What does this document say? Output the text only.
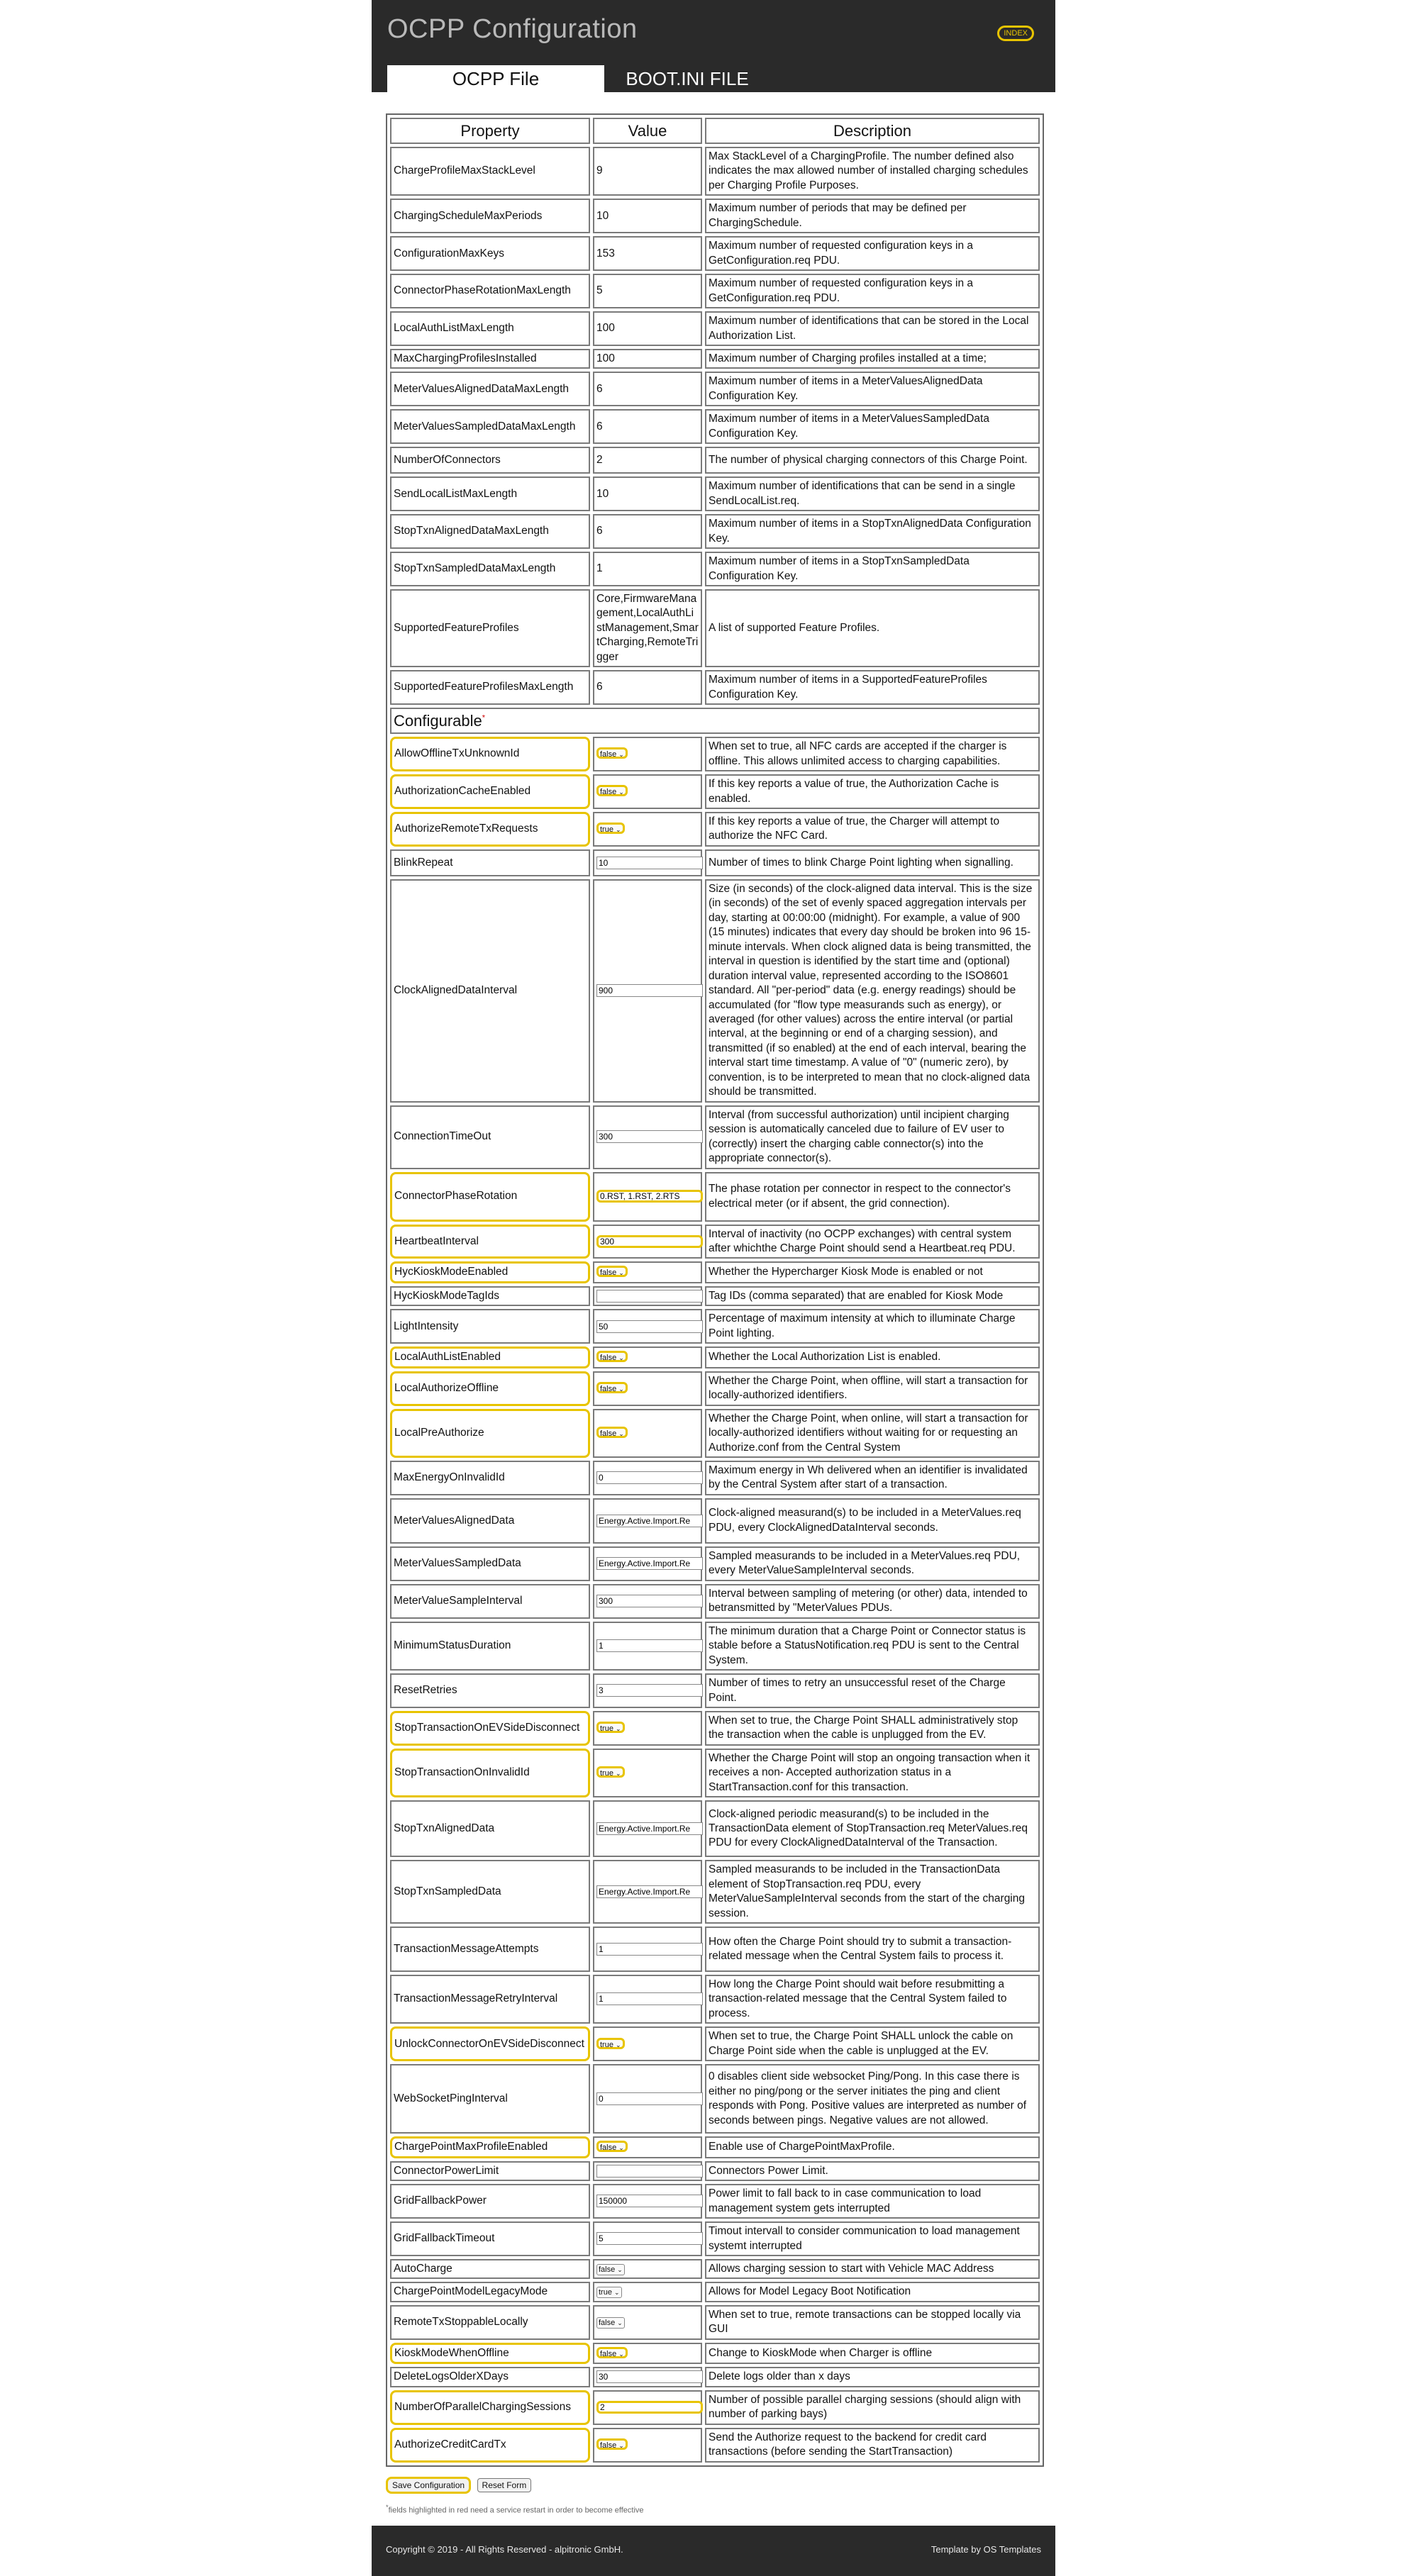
OCPP Configuration	INDEX
OCPP File	BOOT.INI FILE
Property	Value	Description
ChargeProfileMaxStackLevel	9	Max StackLevel of a ChargingProfile. The number defined also indicates the max allowed number of installed charging schedules per Charging Profile Purposes.
ChargingScheduleMaxPeriods	10	Maximum number of periods that may be defined per ChargingSchedule.
ConfigurationMaxKeys	153	Maximum number of requested configuration keys in a GetConfiguration.req PDU.
ConnectorPhaseRotationMaxLength	5	Maximum number of requested configuration keys in a GetConfiguration.req PDU.
LocalAuthListMaxLength	100	Maximum number of identifications that can be stored in the Local Authorization List.
MaxChargingProfilesInstalled	100	Maximum number of Charging profiles installed at a time;
MeterValuesAlignedDataMaxLength	6	Maximum number of items in a MeterValuesAlignedData Configuration Key.
MeterValuesSampledDataMaxLength	6	Maximum number of items in a MeterValuesSampledData Configuration Key.
NumberOfConnectors	2	The number of physical charging connectors of this Charge Point.
SendLocalListMaxLength	10	Maximum number of identifications that can be send in a single SendLocalList.req.
StopTxnAlignedDataMaxLength	6	Maximum number of items in a StopTxnAlignedData Configuration Key.
StopTxnSampledDataMaxLength	1	Maximum number of items in a StopTxnSampledData Configuration Key.
SupportedFeatureProfiles	Core,FirmwareManagement,LocalAuthListManagement,SmartCharging,RemoteTrigger	A list of supported Feature Profiles.
SupportedFeatureProfilesMaxLength	6	Maximum number of items in a SupportedFeatureProfiles Configuration Key.
Configurable*
AllowOfflineTxUnknownId	false ⌄	When set to true, all NFC cards are accepted if the charger is offline. This allows unlimited access to charging capabilities.
AuthorizationCacheEnabled	false ⌄	If this key reports a value of true, the Authorization Cache is enabled.
AuthorizeRemoteTxRequests	true ⌄	If this key reports a value of true, the Charger will attempt to authorize the NFC Card.
BlinkRepeat	10	Number of times to blink Charge Point lighting when signalling.
ClockAlignedDataInterval	900	Size (in seconds) of the clock-aligned data interval. This is the size (in seconds) of the set of evenly spaced aggregation intervals per day, starting at 00:00:00 (midnight). For example, a value of 900 (15 minutes) indicates that every day should be broken into 96 15-minute intervals. When clock aligned data is being transmitted, the interval in question is identified by the start time and (optional) duration interval value, represented according to the ISO8601 standard. All "per-period" data (e.g. energy readings) should be accumulated (for "flow type measurands such as energy), or averaged (for other values) across the entire interval (or partial interval, at the beginning or end of a charging session), and transmitted (if so enabled) at the end of each interval, bearing the interval start time timestamp. A value of "0" (numeric zero), by convention, is to be interpreted to mean that no clock-aligned data should be transmitted.
ConnectionTimeOut	300	Interval (from successful authorization) until incipient charging session is automatically canceled due to failure of EV user to (correctly) insert the charging cable connector(s) into the appropriate connector(s).
ConnectorPhaseRotation	0.RST, 1.RST, 2.RTS	The phase rotation per connector in respect to the connector's electrical meter (or if absent, the grid connection).
HeartbeatInterval	300	Interval of inactivity (no OCPP exchanges) with central system after whichthe Charge Point should send a Heartbeat.req PDU.
HycKioskModeEnabled	false ⌄	Whether the Hypercharger Kiosk Mode is enabled or not
HycKioskModeTagIds		Tag IDs (comma separated) that are enabled for Kiosk Mode
LightIntensity	50	Percentage of maximum intensity at which to illuminate Charge Point lighting.
LocalAuthListEnabled	false ⌄	Whether the Local Authorization List is enabled.
LocalAuthorizeOffline	false ⌄	Whether the Charge Point, when offline, will start a transaction for locally-authorized identifiers.
LocalPreAuthorize	false ⌄	Whether the Charge Point, when online, will start a transaction for locally-authorized identifiers without waiting for or requesting an Authorize.conf from the Central System
MaxEnergyOnInvalidId	0	Maximum energy in Wh delivered when an identifier is invalidated by the Central System after start of a transaction.
MeterValuesAlignedData	Energy.Active.Import.Re	Clock-aligned measurand(s) to be included in a MeterValues.req PDU, every ClockAlignedDataInterval seconds.
MeterValuesSampledData	Energy.Active.Import.Re	Sampled measurands to be included in a MeterValues.req PDU, every MeterValueSampleInterval seconds.
MeterValueSampleInterval	300	Interval between sampling of metering (or other) data, intended to betransmitted by "MeterValues PDUs.
MinimumStatusDuration	1	The minimum duration that a Charge Point or Connector status is stable before a StatusNotification.req PDU is sent to the Central System.
ResetRetries	3	Number of times to retry an unsuccessful reset of the Charge Point.
StopTransactionOnEVSideDisconnect	true ⌄	When set to true, the Charge Point SHALL administratively stop the transaction when the cable is unplugged from the EV.
StopTransactionOnInvalidId	true ⌄	Whether the Charge Point will stop an ongoing transaction when it receives a non- Accepted authorization status in a StartTransaction.conf for this transaction.
StopTxnAlignedData	Energy.Active.Import.Re	Clock-aligned periodic measurand(s) to be included in the TransactionData element of StopTransaction.req MeterValues.req PDU for every ClockAlignedDataInterval of the Transaction.
StopTxnSampledData	Energy.Active.Import.Re	Sampled measurands to be included in the TransactionData element of StopTransaction.req PDU, every MeterValueSampleInterval seconds from the start of the charging session.
TransactionMessageAttempts	1	How often the Charge Point should try to submit a transaction-related message when the Central System fails to process it.
TransactionMessageRetryInterval	1	How long the Charge Point should wait before resubmitting a transaction-related message that the Central System failed to process.
UnlockConnectorOnEVSideDisconnect	true ⌄	When set to true, the Charge Point SHALL unlock the cable on Charge Point side when the cable is unplugged at the EV.
WebSocketPingInterval	0	0 disables client side websocket Ping/Pong. In this case there is either no ping/pong or the server initiates the ping and client responds with Pong. Positive values are interpreted as number of seconds between pings. Negative values are not allowed.
ChargePointMaxProfileEnabled	false ⌄	Enable use of ChargePointMaxProfile.
ConnectorPowerLimit		Connectors Power Limit.
GridFallbackPower	150000	Power limit to fall back to in case communication to load management system gets interrupted
GridFallbackTimeout	5	Timout intervall to consider communication to load management systemt interrupted
AutoCharge	false ⌄	Allows charging session to start with Vehicle MAC Address
ChargePointModelLegacyMode	true ⌄	Allows for Model Legacy Boot Notification
RemoteTxStoppableLocally	false ⌄	When set to true, remote transactions can be stopped locally via GUI
KioskModeWhenOffline	false ⌄	Change to KioskMode when Charger is offline
DeleteLogsOlderXDays	30	Delete logs older than x days
NumberOfParallelChargingSessions	2	Number of possible parallel charging sessions (should align with number of parking bays)
AuthorizeCreditCardTx	false ⌄	Send the Authorize request to the backend for credit card transactions (before sending the StartTransaction)
Save Configuration Reset Form
*fields highlighted in red need a service restart in order to become effective
Copyright © 2019 - All Rights Reserved - alpitronic GmbH.	Template by OS Templates
